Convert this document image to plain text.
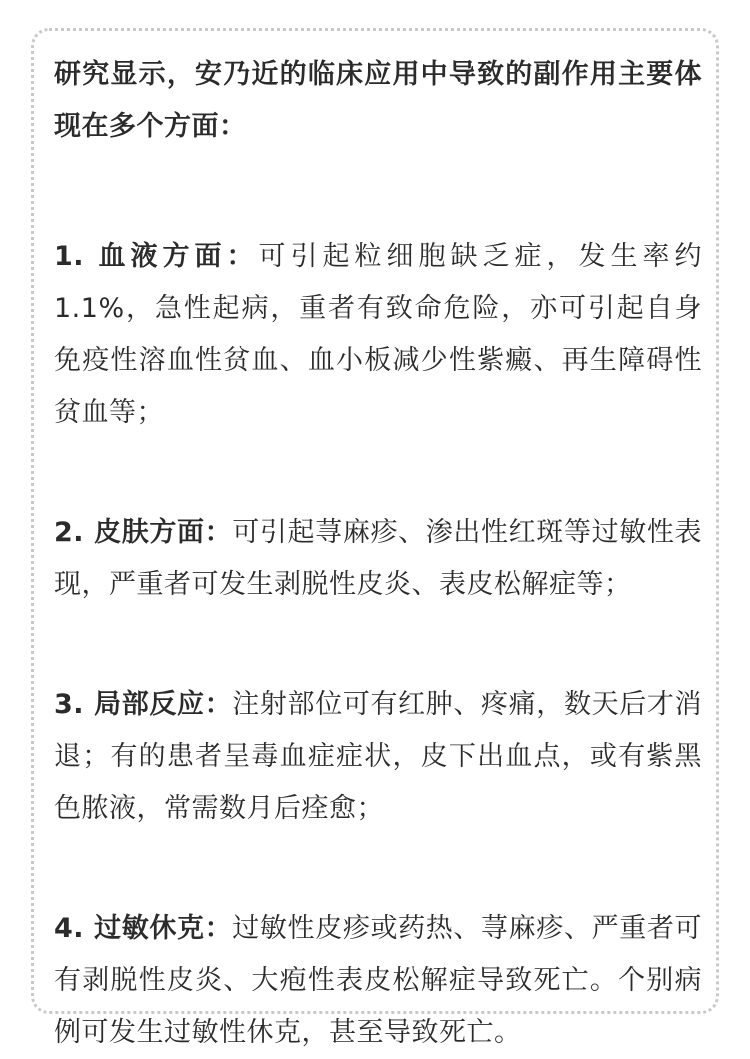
研究显示，安乃近的临床应用中导致的副作用主要体现在多个方面：

1. 血液方面：可引起粒细胞缺乏症，发生率约1.1%，急性起病，重者有致命危险，亦可引起自身免疫性溶血性贫血、血小板减少性紫癜、再生障碍性贫血等；

2. 皮肤方面：可引起荨麻疹、渗出性红斑等过敏性表现，严重者可发生剥脱性皮炎、表皮松解症等；

3. 局部反应：注射部位可有红肿、疼痛，数天后才消退；有的患者呈毒血症症状，皮下出血点，或有紫黑色脓液，常需数月后痊愈；

4. 过敏休克：过敏性皮疹或药热、荨麻疹、严重者可有剥脱性皮炎、大疱性表皮松解症导致死亡。个别病例可发生过敏性休克，甚至导致死亡。
